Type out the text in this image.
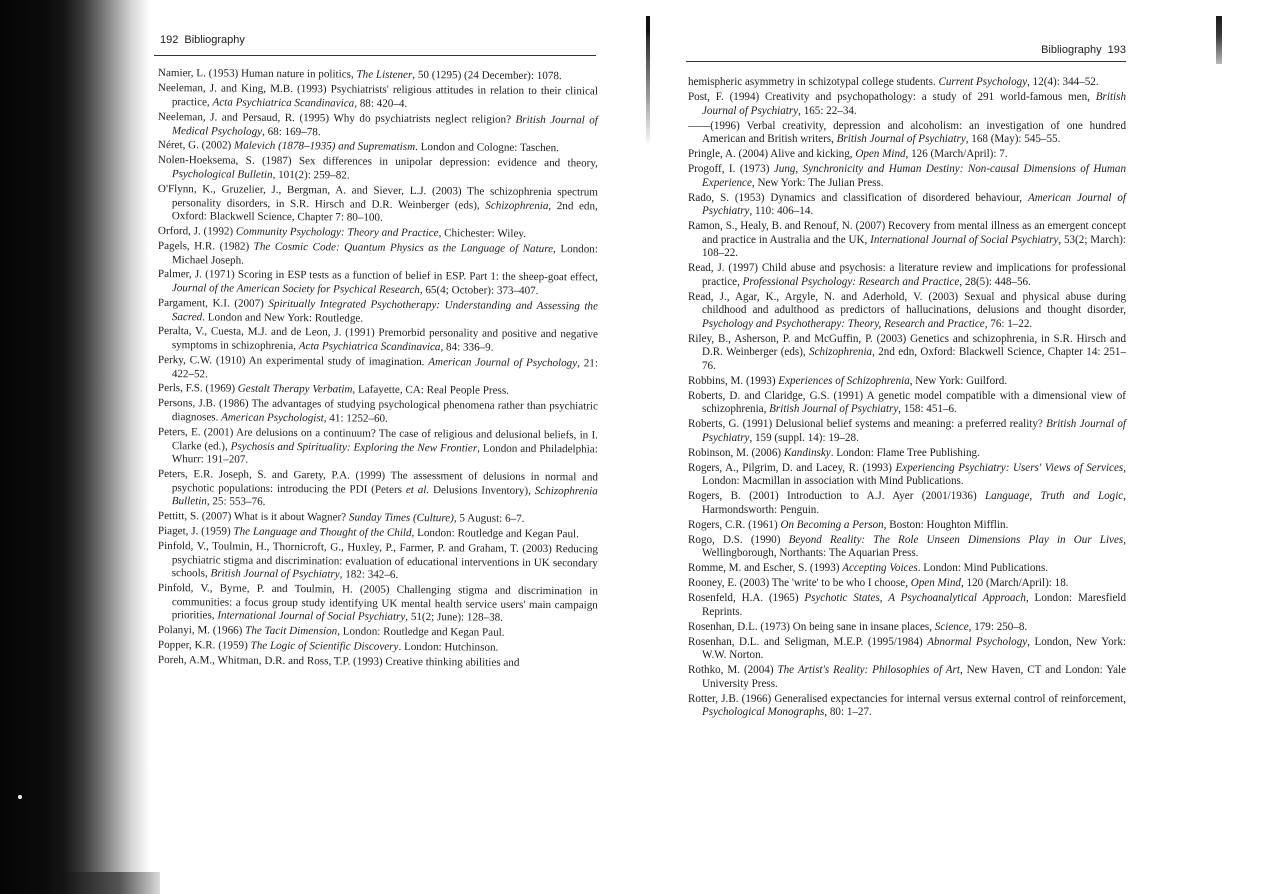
192 Bibliography

Namier, L. (1953) Human nature in politics, The Listener, 50 (1295) (24 December): 1078.

Neeleman, J. and King, M.B. (1993) Psychiatrists' religious attitudes in relation to their clinical practice, Acta Psychiatrica Scandinavica, 88: 420–4.

Neeleman, J. and Persaud, R. (1995) Why do psychiatrists neglect religion? British Journal of Medical Psychology, 68: 169–78.

Néret, G. (2002) Malevich (1878–1935) and Suprematism. London and Cologne: Taschen.

Nolen-Hoeksema, S. (1987) Sex differences in unipolar depression: evidence and theory, Psychological Bulletin, 101(2): 259–82.

O'Flynn, K., Gruzelier, J., Bergman, A. and Siever, L.J. (2003) The schizophrenia spectrum personality disorders, in S.R. Hirsch and D.R. Weinberger (eds), Schizophrenia, 2nd edn, Oxford: Blackwell Science, Chapter 7: 80–100.

Orford, J. (1992) Community Psychology: Theory and Practice, Chichester: Wiley.

Pagels, H.R. (1982) The Cosmic Code: Quantum Physics as the Language of Nature, London: Michael Joseph.

Palmer, J. (1971) Scoring in ESP tests as a function of belief in ESP. Part 1: the sheep-goat effect, Journal of the American Society for Psychical Research, 65(4; October): 373–407.

Pargament, K.I. (2007) Spiritually Integrated Psychotherapy: Understanding and Assessing the Sacred. London and New York: Routledge.

Peralta, V., Cuesta, M.J. and de Leon, J. (1991) Premorbid personality and positive and negative symptoms in schizophrenia, Acta Psychiatrica Scandinavica, 84: 336–9.

Perky, C.W. (1910) An experimental study of imagination. American Journal of Psychology, 21: 422–52.

Perls, F.S. (1969) Gestalt Therapy Verbatim, Lafayette, CA: Real People Press.

Persons, J.B. (1986) The advantages of studying psychological phenomena rather than psychiatric diagnoses. American Psychologist, 41: 1252–60.

Peters, E. (2001) Are delusions on a continuum? The case of religious and delusional beliefs, in I. Clarke (ed.), Psychosis and Spirituality: Exploring the New Frontier, London and Philadelphia: Whurr: 191–207.

Peters, E.R. Joseph, S. and Garety, P.A. (1999) The assessment of delusions in normal and psychotic populations: introducing the PDI (Peters et al. Delusions Inventory), Schizophrenia Bulletin, 25: 553–76.

Pettitt, S. (2007) What is it about Wagner? Sunday Times (Culture), 5 August: 6–7.

Piaget, J. (1959) The Language and Thought of the Child, London: Routledge and Kegan Paul.

Pinfold, V., Toulmin, H., Thornicroft, G., Huxley, P., Farmer, P. and Graham, T. (2003) Reducing psychiatric stigma and discrimination: evaluation of educational interventions in UK secondary schools, British Journal of Psychiatry, 182: 342–6.

Pinfold, V., Byrne, P. and Toulmin, H. (2005) Challenging stigma and discrimination in communities: a focus group study identifying UK mental health service users' main campaign priorities, International Journal of Social Psychiatry, 51(2; June): 128–38.

Polanyi, M. (1966) The Tacit Dimension, London: Routledge and Kegan Paul.

Popper, K.R. (1959) The Logic of Scientific Discovery. London: Hutchinson.

Poreh, A.M., Whitman, D.R. and Ross, T.P. (1993) Creative thinking abilities and

Bibliography 193

hemispheric asymmetry in schizotypal college students. Current Psychology, 12(4): 344–52.

Post, F. (1994) Creativity and psychopathology: a study of 291 world-famous men, British Journal of Psychiatry, 165: 22–34.

——(1996) Verbal creativity, depression and alcoholism: an investigation of one hundred American and British writers, British Journal of Psychiatry, 168 (May): 545–55.

Pringle, A. (2004) Alive and kicking, Open Mind, 126 (March/April): 7.

Progoff, I. (1973) Jung, Synchronicity and Human Destiny: Non-causal Dimensions of Human Experience, New York: The Julian Press.

Rado, S. (1953) Dynamics and classification of disordered behaviour, American Journal of Psychiatry, 110: 406–14.

Ramon, S., Healy, B. and Renouf, N. (2007) Recovery from mental illness as an emergent concept and practice in Australia and the UK, International Journal of Social Psychiatry, 53(2; March): 108–22.

Read, J. (1997) Child abuse and psychosis: a literature review and implications for professional practice, Professional Psychology: Research and Practice, 28(5): 448–56.

Read, J., Agar, K., Argyle, N. and Aderhold, V. (2003) Sexual and physical abuse during childhood and adulthood as predictors of hallucinations, delusions and thought disorder, Psychology and Psychotherapy: Theory, Research and Practice, 76: 1–22.

Riley, B., Asherson, P. and McGuffin, P. (2003) Genetics and schizophrenia, in S.R. Hirsch and D.R. Weinberger (eds), Schizophrenia, 2nd edn, Oxford: Blackwell Science, Chapter 14: 251–76.

Robbins, M. (1993) Experiences of Schizophrenia, New York: Guilford.

Roberts, D. and Claridge, G.S. (1991) A genetic model compatible with a dimensional view of schizophrenia, British Journal of Psychiatry, 158: 451–6.

Roberts, G. (1991) Delusional belief systems and meaning: a preferred reality? British Journal of Psychiatry, 159 (suppl. 14): 19–28.

Robinson, M. (2006) Kandinsky. London: Flame Tree Publishing.

Rogers, A., Pilgrim, D. and Lacey, R. (1993) Experiencing Psychiatry: Users' Views of Services, London: Macmillan in association with Mind Publications.

Rogers, B. (2001) Introduction to A.J. Ayer (2001/1936) Language, Truth and Logic, Harmondsworth: Penguin.

Rogers, C.R. (1961) On Becoming a Person, Boston: Houghton Mifflin.

Rogo, D.S. (1990) Beyond Reality: The Role Unseen Dimensions Play in Our Lives, Wellingborough, Northants: The Aquarian Press.

Romme, M. and Escher, S. (1993) Accepting Voices. London: Mind Publications.

Rooney, E. (2003) The 'write' to be who I choose, Open Mind, 120 (March/April): 18.

Rosenfeld, H.A. (1965) Psychotic States, A Psychoanalytical Approach, London: Maresfield Reprints.

Rosenhan, D.L. (1973) On being sane in insane places, Science, 179: 250–8.

Rosenhan, D.L. and Seligman, M.E.P. (1995/1984) Abnormal Psychology, London, New York: W.W. Norton.

Rothko, M. (2004) The Artist's Reality: Philosophies of Art, New Haven, CT and London: Yale University Press.

Rotter, J.B. (1966) Generalised expectancies for internal versus external control of reinforcement, Psychological Monographs, 80: 1–27.
